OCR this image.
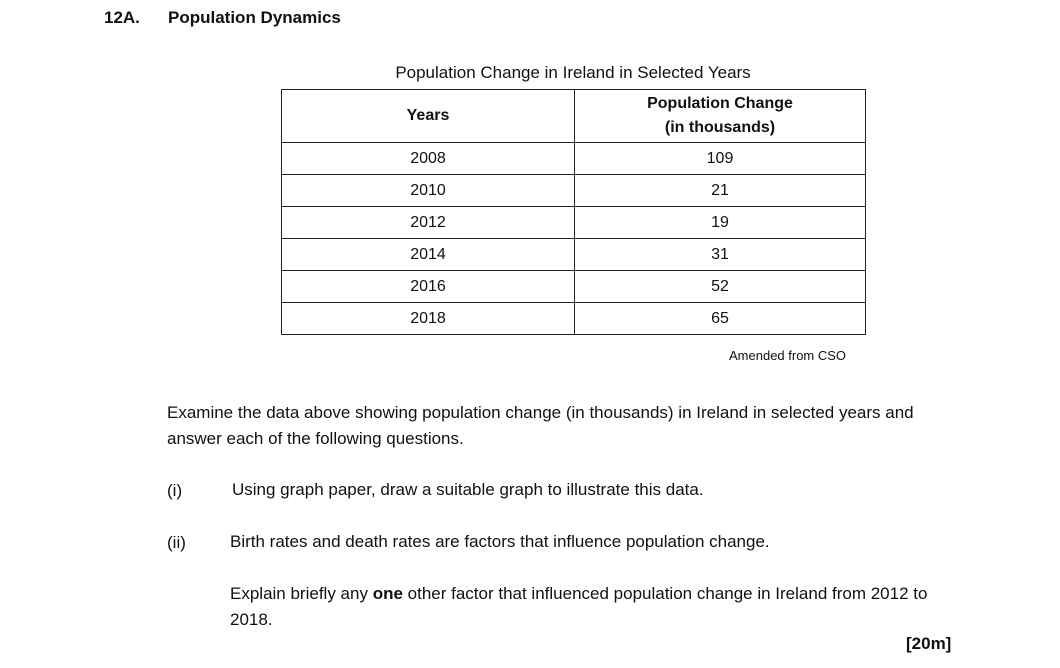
12A. Population Dynamics
Population Change in Ireland in Selected Years
Years	Population Change
(in thousands)
2008	109
2010	21
2012	19
2014	31
2016	52
2018	65
Amended from CSO
Examine the data above showing population change (in thousands) in Ireland in selected years and answer each of the following questions.
(i)	Using graph paper, draw a suitable graph to illustrate this data.
(ii)	Birth rates and death rates are factors that influence population change.
Explain briefly any one other factor that influenced population change in Ireland from 2012 to 2018.
[20m]
